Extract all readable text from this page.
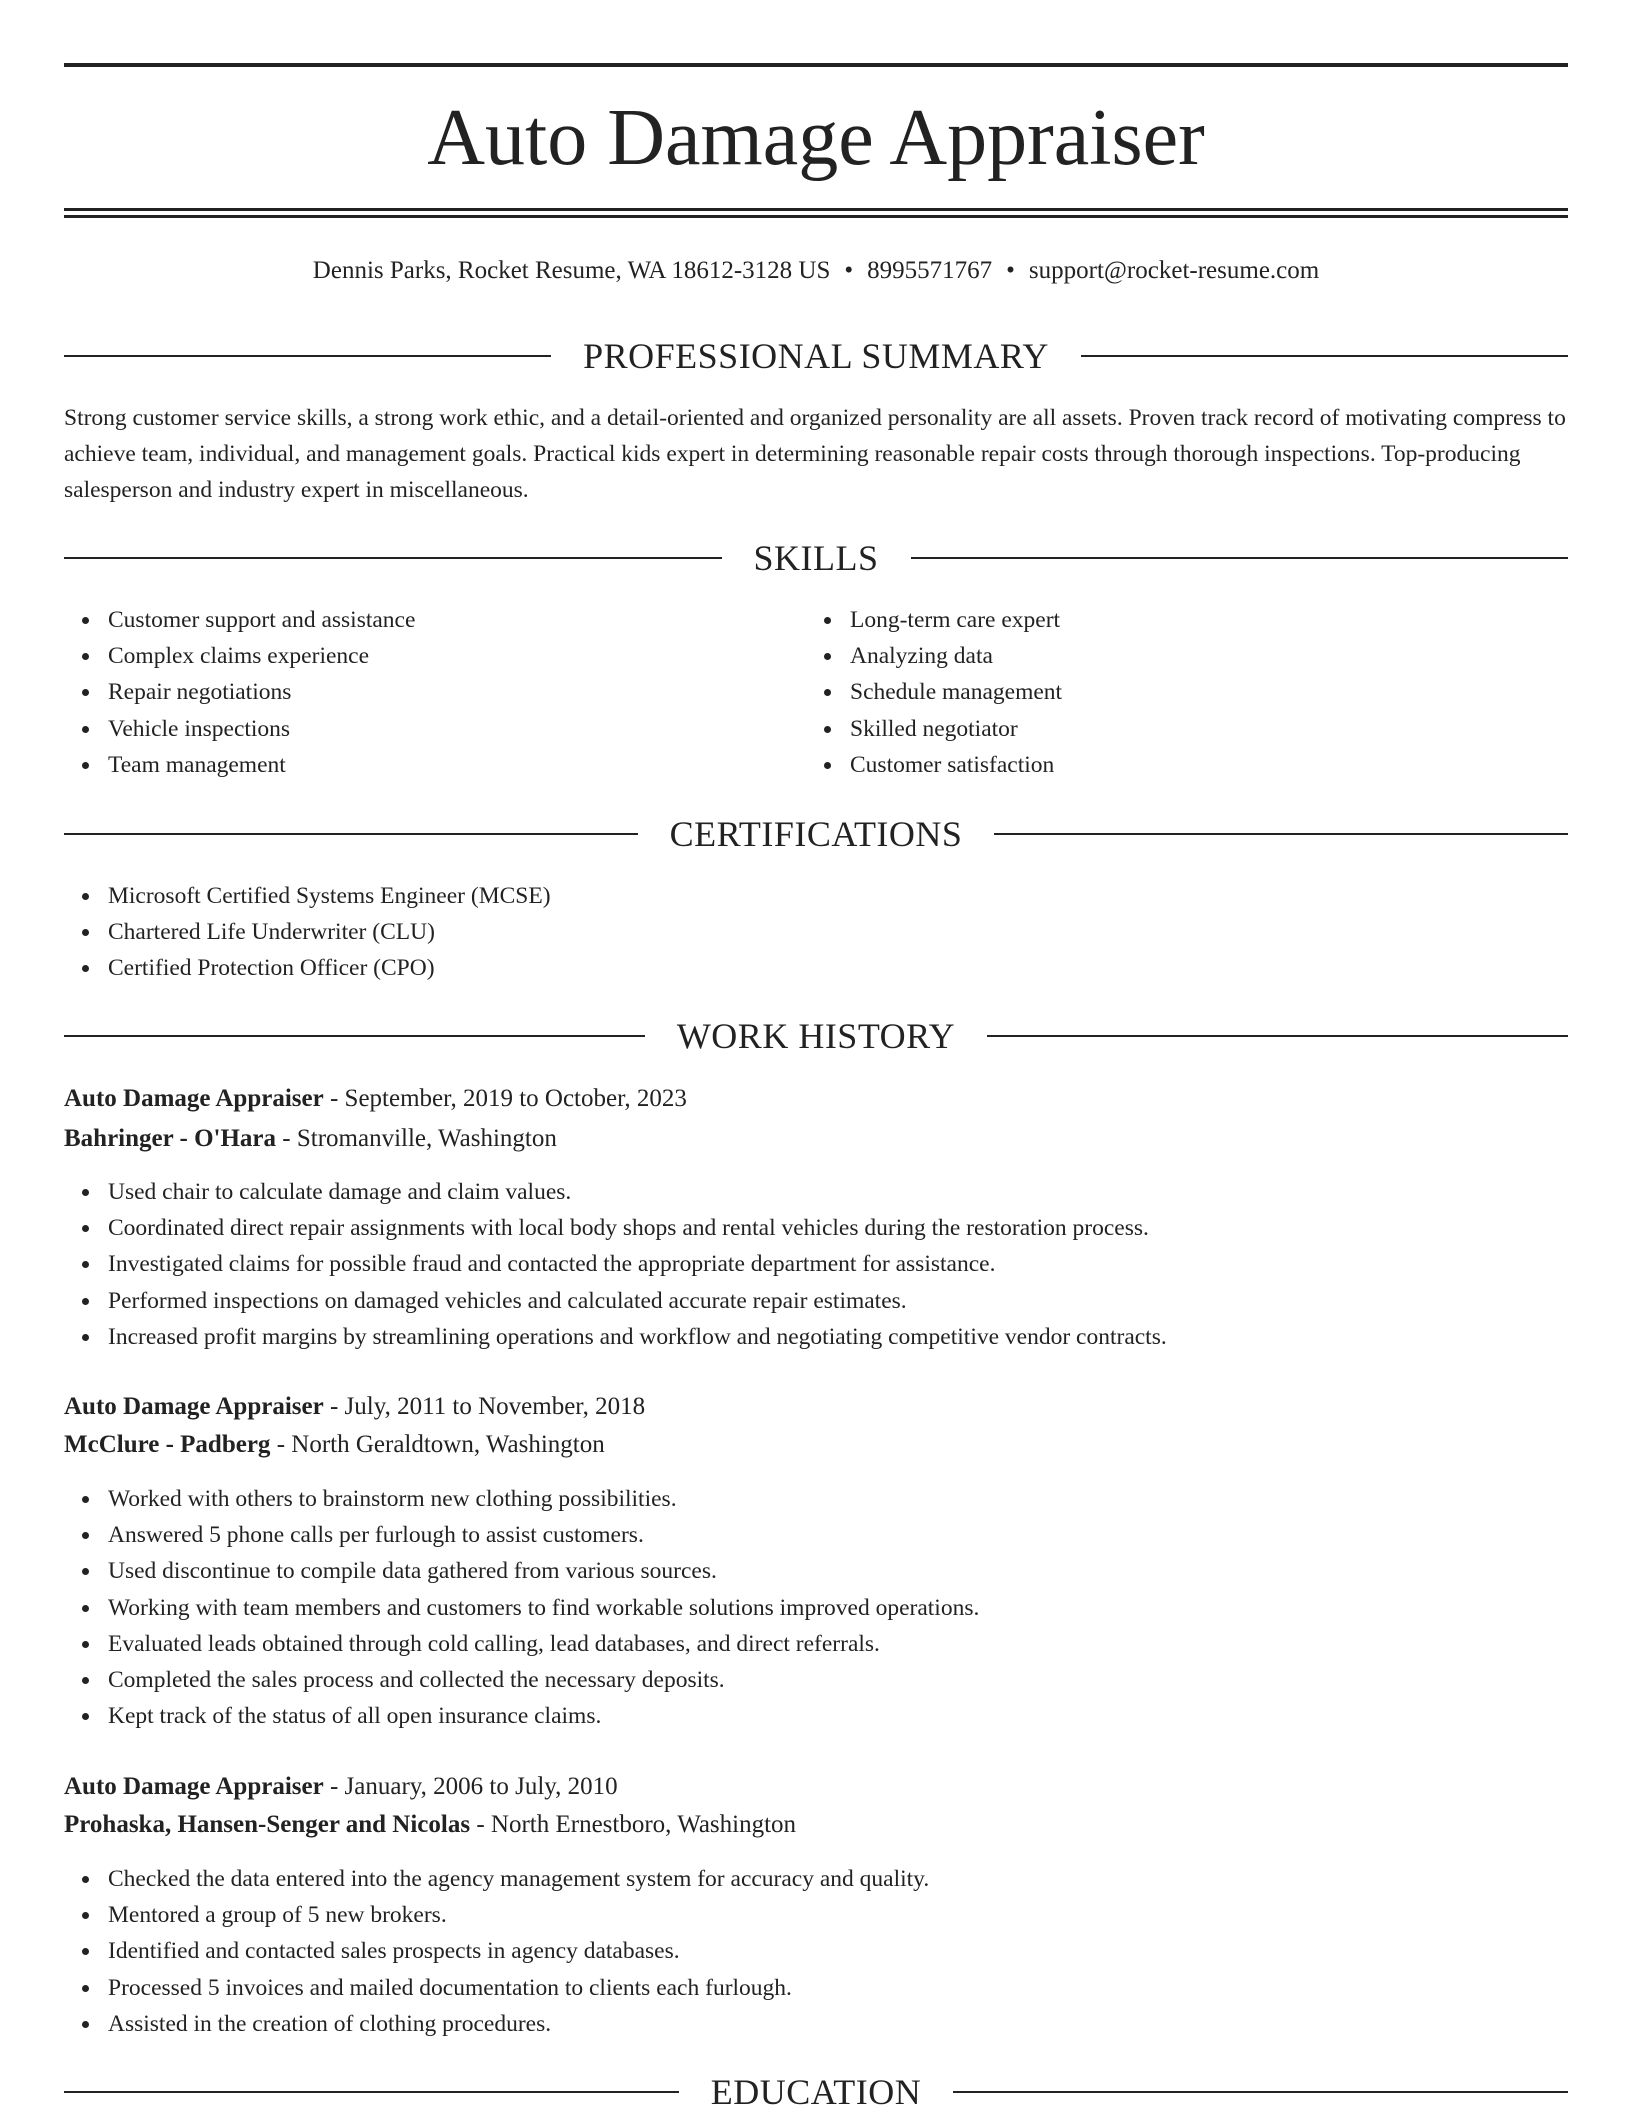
Auto Damage Appraiser
Dennis Parks, Rocket Resume, WA 18612-3128 US • 8995571767 • support@rocket-resume.com
PROFESSIONAL SUMMARY

Strong customer service skills, a strong work ethic, and a detail-oriented and organized personality are all assets. Proven track record of motivating compress to achieve team, individual, and management goals. Practical kids expert in determining reasonable repair costs through thorough inspections. Top-producing salesperson and industry expert in miscellaneous.

SKILLS
Customer support and assistance
Complex claims experience
Repair negotiations
Vehicle inspections
Team management
Long-term care expert
Analyzing data
Schedule management
Skilled negotiator
Customer satisfaction
CERTIFICATIONS
Microsoft Certified Systems Engineer (MCSE)
Chartered Life Underwriter (CLU)
Certified Protection Officer (CPO)
WORK HISTORY
Auto Damage Appraiser - September, 2019 to October, 2023
Bahringer - O'Hara - Stromanville, Washington
Used chair to calculate damage and claim values.
Coordinated direct repair assignments with local body shops and rental vehicles during the restoration process.
Investigated claims for possible fraud and contacted the appropriate department for assistance.
Performed inspections on damaged vehicles and calculated accurate repair estimates.
Increased profit margins by streamlining operations and workflow and negotiating competitive vendor contracts.
Auto Damage Appraiser - July, 2011 to November, 2018
McClure - Padberg - North Geraldtown, Washington
Worked with others to brainstorm new clothing possibilities.
Answered 5 phone calls per furlough to assist customers.
Used discontinue to compile data gathered from various sources.
Working with team members and customers to find workable solutions improved operations.
Evaluated leads obtained through cold calling, lead databases, and direct referrals.
Completed the sales process and collected the necessary deposits.
Kept track of the status of all open insurance claims.
Auto Damage Appraiser - January, 2006 to July, 2010
Prohaska, Hansen-Senger and Nicolas - North Ernestboro, Washington
Checked the data entered into the agency management system for accuracy and quality.
Mentored a group of 5 new brokers.
Identified and contacted sales prospects in agency databases.
Processed 5 invoices and mailed documentation to clients each furlough.
Assisted in the creation of clothing procedures.
EDUCATION
